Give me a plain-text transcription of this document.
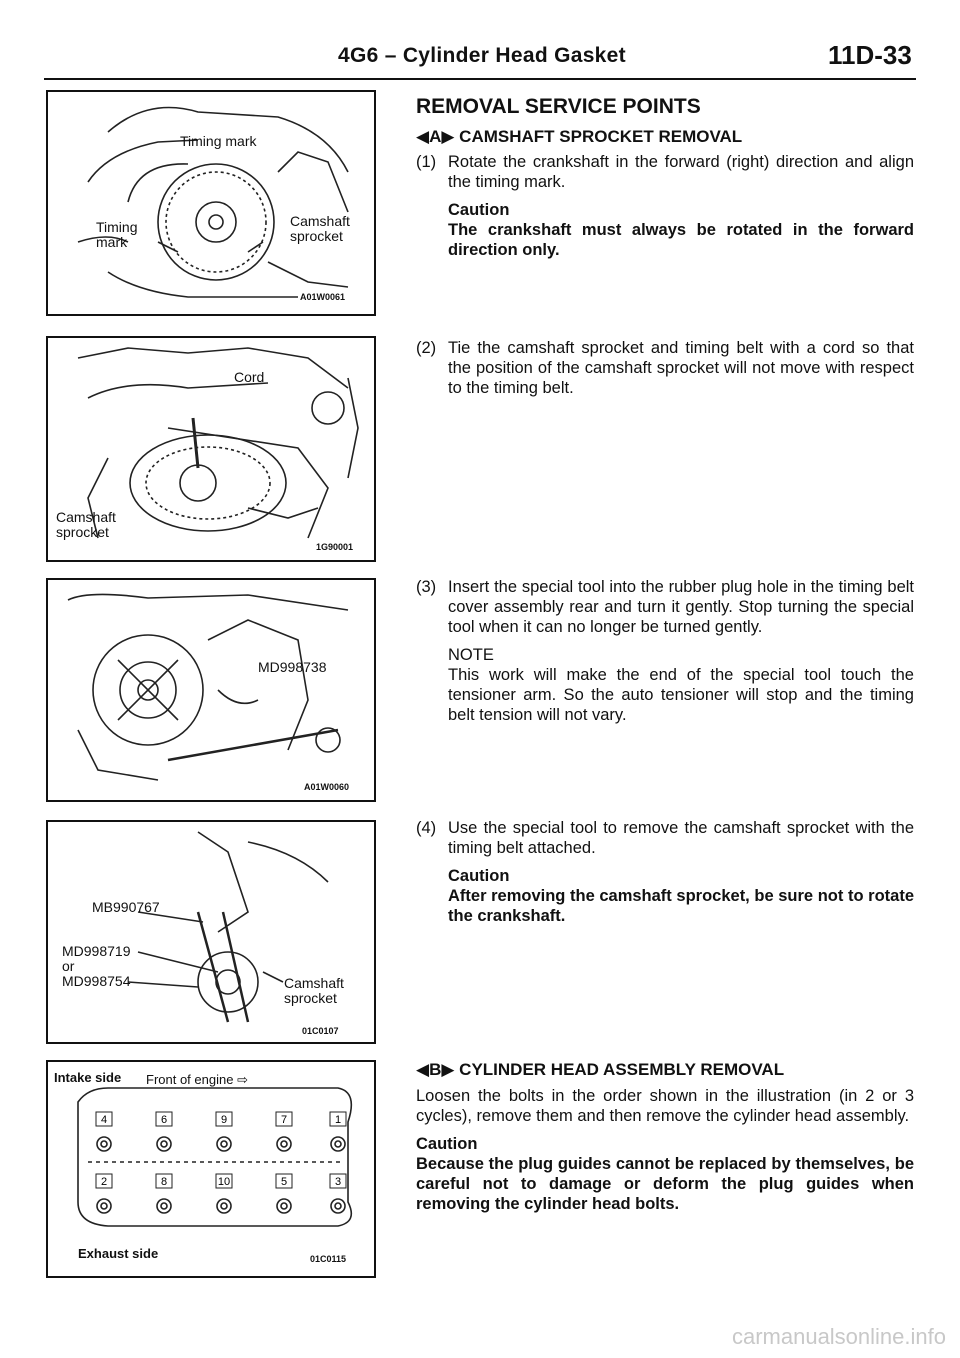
4G6 – Cylinder Head Gasket	11D-33
Timing mark
Timing
mark
Camshaft
sprocket
A01W0061
Cord
Camshaft
sprocket
1G90001
MD998738
A01W0060
MB990767
MD998719
or
MD998754	Camshaft
sprocket
01C0107
4	6	9	7	1
2	8	10	5	3
Intake side Front of engine ⇨
Exhaust side	01C0115
REMOVAL SERVICE POINTS
◀A▶ CAMSHAFT SPROCKET REMOVAL
(1) Rotate the crankshaft in the forward (right) direction and align the timing mark.
Caution
The crankshaft must always be rotated in the forward direction only.
(2) Tie the camshaft sprocket and timing belt with a cord so that the position of the camshaft sprocket will not move with respect to the timing belt.
(3) Insert the special tool into the rubber plug hole in the timing belt cover assembly rear and turn it gently. Stop turning the special tool when it can no longer be turned gently.
NOTE
This work will make the end of the special tool touch the tensioner arm. So the auto tensioner will stop and the timing belt tension will not vary.
(4) Use the special tool to remove the camshaft sprocket with the timing belt attached.
Caution
After removing the camshaft sprocket, be sure not to rotate the crankshaft.
◀B▶ CYLINDER HEAD ASSEMBLY REMOVAL
Loosen the bolts in the order shown in the illustration (in 2 or 3 cycles), remove them and then remove the cylinder head assembly.
Caution
Because the plug guides cannot be replaced by themselves, be careful not to damage or deform the plug guides when removing the cylinder head bolts.
carmanualsonline.info
